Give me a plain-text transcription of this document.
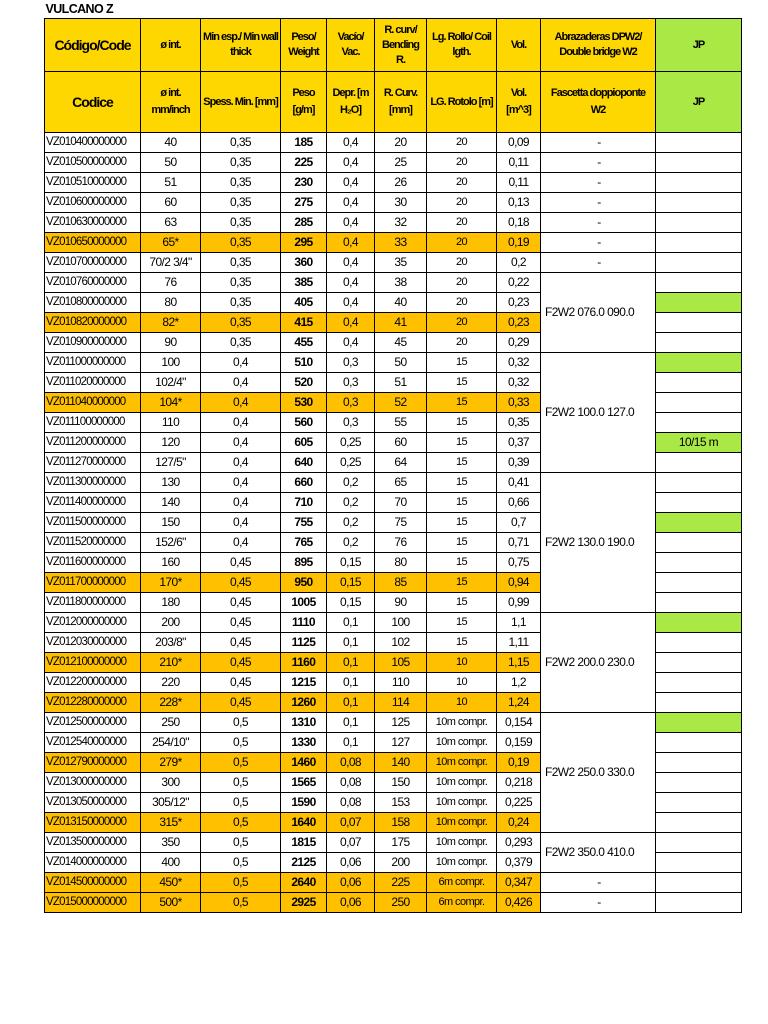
VULCANO Z									
Código/Code	ø int.	Min esp./ Min wall thick	Peso/ Weight	Vacío/ Vac.	R. curv/ Bending R.	Lg. Rollo/ Coil lgth.	Vol.	Abrazaderas DPW2/ Double bridge W2	JP
Codice	ø int. mm/inch	Spess. Min. [mm]	Peso [g/m]	Depr. [m H₂O]	R. Curv. [mm]	LG. Rotolo [m]	Vol. [m^3]	Fascetta doppioponte W2	JP
VZ010400000000	40	0,35	185	0,4	20	20	0,09	-	
VZ010500000000	50	0,35	225	0,4	25	20	0,11	-	
VZ010510000000	51	0,35	230	0,4	26	20	0,11	-	
VZ010600000000	60	0,35	275	0,4	30	20	0,13	-	
VZ010630000000	63	0,35	285	0,4	32	20	0,18	-	
VZ010650000000	65*	0,35	295	0,4	33	20	0,19	-	
VZ010700000000	70/2 3/4"	0,35	360	0,4	35	20	0,2	-	
VZ010760000000	76	0,35	385	0,4	38	20	0,22	F2W2 076.0 090.0	
VZ010800000000	80	0,35	405	0,4	40	20	0,23		
VZ010820000000	82*	0,35	415	0,4	41	20	0,23		
VZ010900000000	90	0,35	455	0,4	45	20	0,29		
VZ011000000000	100	0,4	510	0,3	50	15	0,32	F2W2 100.0 127.0	
VZ011020000000	102/4"	0,4	520	0,3	51	15	0,32		
VZ011040000000	104*	0,4	530	0,3	52	15	0,33		
VZ011100000000	110	0,4	560	0,3	55	15	0,35		
VZ011200000000	120	0,4	605	0,25	60	15	0,37		10/15 m
VZ011270000000	127/5"	0,4	640	0,25	64	15	0,39		
VZ011300000000	130	0,4	660	0,2	65	15	0,41	F2W2 130.0 190.0	
VZ011400000000	140	0,4	710	0,2	70	15	0,66		
VZ011500000000	150	0,4	755	0,2	75	15	0,7		
VZ011520000000	152/6"	0,4	765	0,2	76	15	0,71		
VZ011600000000	160	0,45	895	0,15	80	15	0,75		
VZ011700000000	170*	0,45	950	0,15	85	15	0,94		
VZ011800000000	180	0,45	1005	0,15	90	15	0,99		
VZ012000000000	200	0,45	1110	0,1	100	15	1,1	F2W2 200.0 230.0	
VZ012030000000	203/8"	0,45	1125	0,1	102	15	1,11		
VZ012100000000	210*	0,45	1160	0,1	105	10	1,15		
VZ012200000000	220	0,45	1215	0,1	110	10	1,2		
VZ012280000000	228*	0,45	1260	0,1	114	10	1,24		
VZ012500000000	250	0,5	1310	0,1	125	10m compr.	0,154	F2W2 250.0 330.0	
VZ012540000000	254/10"	0,5	1330	0,1	127	10m compr.	0,159		
VZ012790000000	279*	0,5	1460	0,08	140	10m compr.	0,19		
VZ013000000000	300	0,5	1565	0,08	150	10m compr.	0,218		
VZ013050000000	305/12"	0,5	1590	0,08	153	10m compr.	0,225		
VZ013150000000	315*	0,5	1640	0,07	158	10m compr.	0,24		
VZ013500000000	350	0,5	1815	0,07	175	10m compr.	0,293	F2W2 350.0 410.0	
VZ014000000000	400	0,5	2125	0,06	200	10m compr.	0,379		
VZ014500000000	450*	0,5	2640	0,06	225	6m compr.	0,347	-	
VZ015000000000	500*	0,5	2925	0,06	250	6m compr.	0,426	-	
